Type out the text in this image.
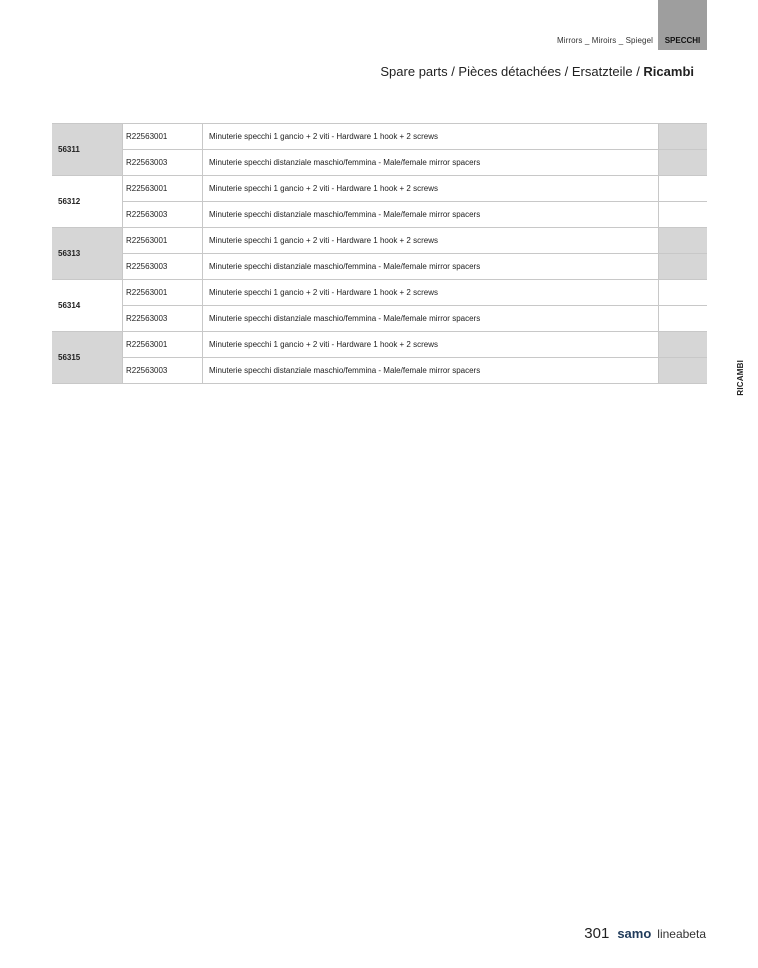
Mirrors _ Miroirs _ Spiegel SPECCHI
Spare parts / Pièces détachées / Ersatzteile / Ricambi
56311	R22563001	Minuterie specchi 1 gancio + 2 viti - Hardware 1 hook + 2 screws	
	R22563003	Minuterie specchi distanziale maschio/femmina - Male/female mirror spacers	
56312	R22563001	Minuterie specchi 1 gancio + 2 viti - Hardware 1 hook + 2 screws	
	R22563003	Minuterie specchi distanziale maschio/femmina - Male/female mirror spacers	
56313	R22563001	Minuterie specchi 1 gancio + 2 viti - Hardware 1 hook + 2 screws	
	R22563003	Minuterie specchi distanziale maschio/femmina - Male/female mirror spacers	
56314	R22563001	Minuterie specchi 1 gancio + 2 viti - Hardware 1 hook + 2 screws	
	R22563003	Minuterie specchi distanziale maschio/femmina - Male/female mirror spacers	
56315	R22563001	Minuterie specchi 1 gancio + 2 viti - Hardware 1 hook + 2 screws	
	R22563003	Minuterie specchi distanziale maschio/femmina - Male/female mirror spacers		RICAMBI
301 samo lineabeta
